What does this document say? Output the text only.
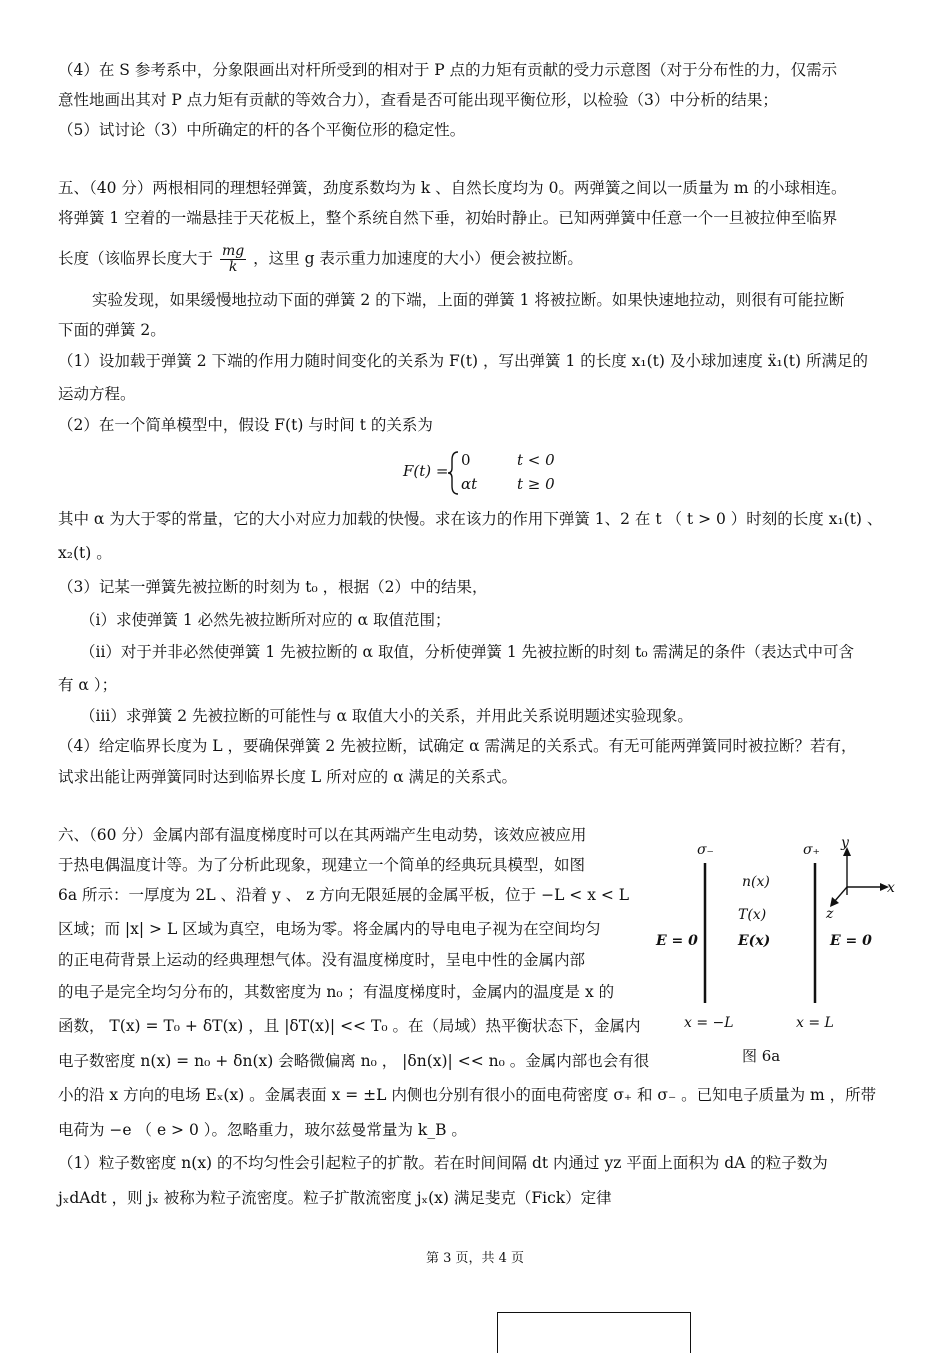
（4）在 S 参考系中，分象限画出对杆所受到的相对于 P 点的力矩有贡献的受力示意图（对于分布性的力，仅需示
意性地画出其对 P 点力矩有贡献的等效合力），查看是否可能出现平衡位形，以检验（3）中分析的结果；
（5）试讨论（3）中所确定的杆的各个平衡位形的稳定性。
五、（40 分）两根相同的理想轻弹簧，劲度系数均为 k 、自然长度均为 0。两弹簧之间以一质量为 m 的小球相连。
将弹簧 1 空着的一端悬挂于天花板上，整个系统自然下垂，初始时静止。已知两弹簧中任意一个一旦被拉伸至临界
长度（该临界长度大于 $\frac{mg}{k}$ ，这里 g 表示重力加速度的大小）便会被拉断。
实验发现，如果缓慢地拉动下面的弹簧 2 的下端，上面的弹簧 1 将被拉断。如果快速地拉动，则很有可能拉断
下面的弹簧 2。
（1）设加载于弹簧 2 下端的作用力随时间变化的关系为 F(t) ，写出弹簧 1 的长度 x₁(t) 及小球加速度 ẍ₁(t) 所满足的
运动方程。
（2）在一个简单模型中，假设 F(t) 与时间 t 的关系为
F(t) =
0	t < 0
αt	t ≥ 0
其中 α 为大于零的常量，它的大小对应力加载的快慢。求在该力的作用下弹簧 1、2 在 t （ t > 0 ）时刻的长度 x₁(t) 、
x₂(t) 。
（3）记某一弹簧先被拉断的时刻为 t₀ ，根据（2）中的结果，
（i）求使弹簧 1 必然先被拉断所对应的 α 取值范围；
（ii）对于并非必然使弹簧 1 先被拉断的 α 取值，分析使弹簧 1 先被拉断的时刻 t₀ 需满足的条件（表达式中可含
有 α ）；
（iii）求弹簧 2 先被拉断的可能性与 α 取值大小的关系，并用此关系说明题述实验现象。
（4）给定临界长度为 L ，要确保弹簧 2 先被拉断，试确定 α 需满足的关系式。有无可能两弹簧同时被拉断？若有，
试求出能让两弹簧同时达到临界长度 L 所对应的 α 满足的关系式。
六、（60 分）金属内部有温度梯度时可以在其两端产生电动势，该效应被应用
于热电偶温度计等。为了分析此现象，现建立一个简单的经典玩具模型，如图
6a 所示：一厚度为 2L 、沿着 y 、 z 方向无限延展的金属平板，位于 −L < x < L
区域；而 |x| > L 区域为真空，电场为零。将金属内的导电电子视为在空间均匀
的正电荷背景上运动的经典理想气体。没有温度梯度时，呈电中性的金属内部
的电子是完全均匀分布的，其数密度为 n₀ ；有温度梯度时，金属内的温度是 x 的
函数， T(x) = T₀ + δT(x) ，且 |δT(x)| << T₀ 。在（局域）热平衡状态下，金属内
电子数密度 n(x) = n₀ + δn(x) 会略微偏离 n₀ ， |δn(x)| << n₀ 。金属内部也会有很
小的沿 x 方向的电场 Eₓ(x) 。金属表面 x = ±L 内侧也分别有很小的面电荷密度 σ₊ 和 σ₋ 。已知电子质量为 m ，所带
电荷为 −e （ e > 0 ）。忽略重力，玻尔兹曼常量为 k_B 。
（1）粒子数密度 n(x) 的不均匀性会引起粒子的扩散。若在时间间隔 dt 内通过 yz 平面上面积为 dA 的粒子数为
jₓdAdt ，则 jₓ 被称为粒子流密度。粒子扩散流密度 jₓ(x) 满足斐克（Fick）定律
σ₋	σ₊ y
x
z
n(x)
T(x)
E(x)
E = 0	E = 0
x = −L	x = L
图 6a
第 3 页，共 4 页
